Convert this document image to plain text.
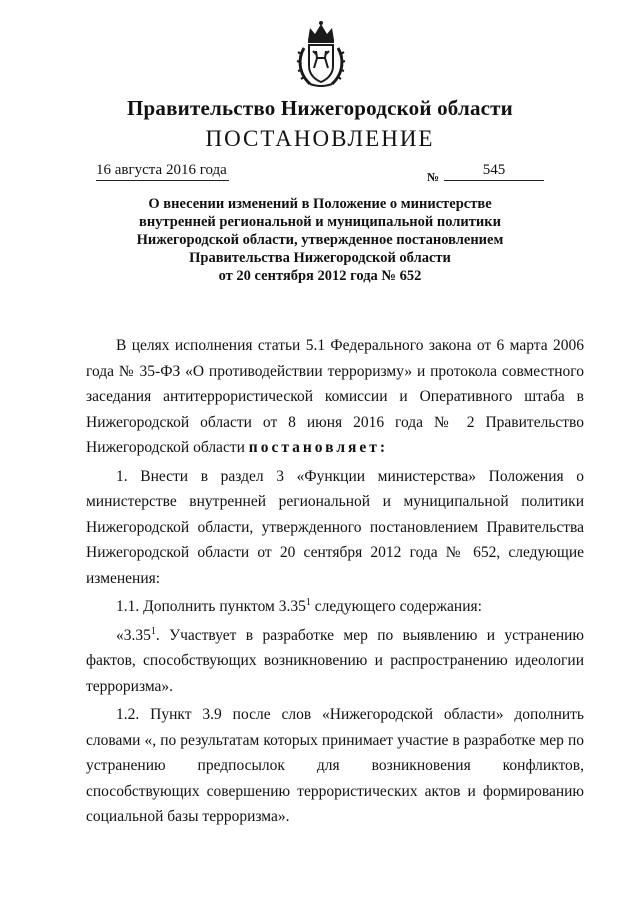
Правительство Нижегородской области
ПОСТАНОВЛЕНИЕ
16 августа 2016 года	№	545
О внесении изменений в Положение о министерстве
внутренней региональной и муниципальной политики
Нижегородской области, утвержденное постановлением
Правительства Нижегородской области
от 20 сентября 2012 года № 652

В целях исполнения статьи 5.1 Федерального закона от 6 марта 2006 года № 35-ФЗ «О противодействии терроризму» и протокола совместного заседания антитеррористической комиссии и Оперативного штаба в Нижегородской области от 8 июня 2016 года № 2 Правительство Нижегородской области постановляет:

1. Внести в раздел 3 «Функции министерства» Положения о министерстве внутренней региональной и муниципальной политики Нижегородской области, утвержденного постановлением Правительства Нижегородской области от 20 сентября 2012 года № 652, следующие изменения:

1.1. Дополнить пунктом 3.35$^1$ следующего содержания:

«3.35$^1$. Участвует в разработке мер по выявлению и устранению фактов, способствующих возникновению и распространению идеологии терроризма».

1.2. Пункт 3.9 после слов «Нижегородской области» дополнить словами «, по результатам которых принимает участие в разработке мер по устранению предпосылок для возникновения конфликтов, способствующих совершению террористических актов и формированию социальной базы терроризма».
